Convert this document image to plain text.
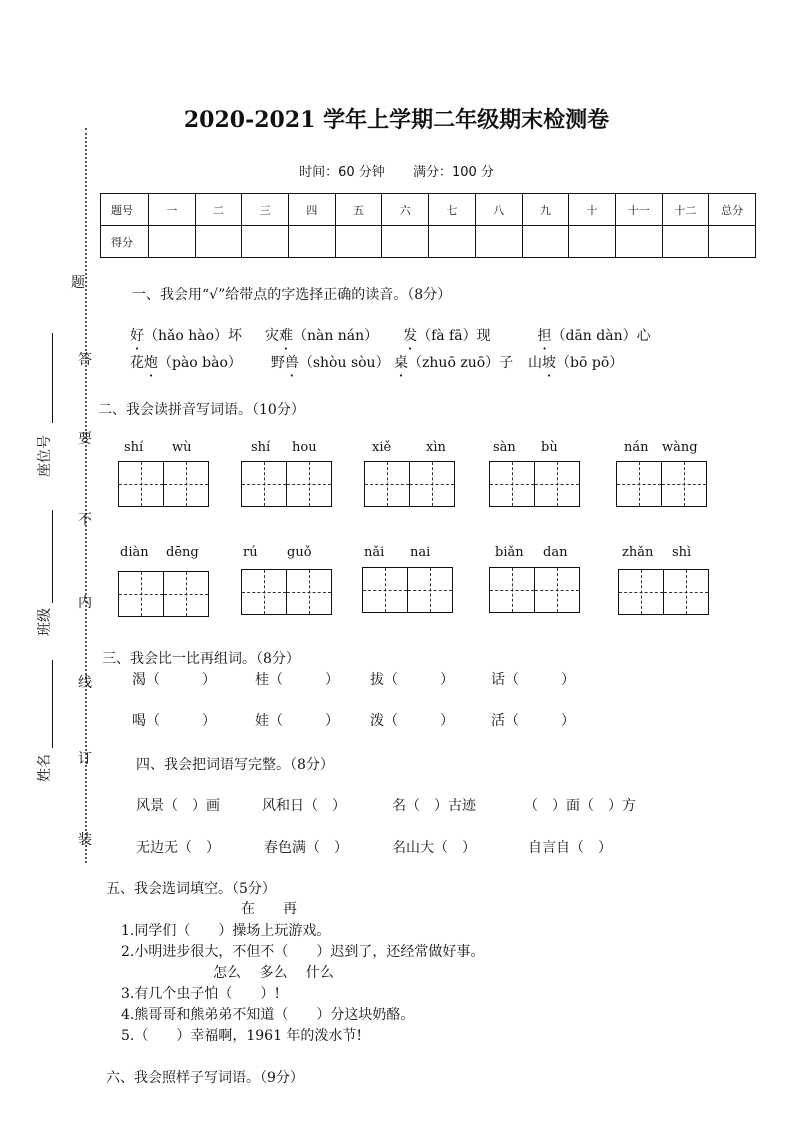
题
答
要
不
内
线
订
装
座位号
班级
姓名
2020-2021 学年上学期二年级期末检测卷
时间：60 分钟 满分：100 分
题号	一	二	三	四	五	六	七	八	九	十	十一	十二	总分
得分													
一、我会用“√”给带点的字选择正确的读音。（8分）
好（hǎo hào）坏 灾难（nàn nán） 发（fà fā）现	担（dān dàn）心
花炮（pào bào） 野兽（shòu sòu） 桌（zhuō zuō）子 山坡（bō pō）
二、我会读拼音写词语。（10分）
shí wù	shí hou	xiě	xìn	sàn bù	nán wàng
diàn dēng	rú guǒ	nǎi nai	biǎn dan	zhǎn shì
三、我会比一比再组词。（8分）
渴（　　　）	桂（　　　） 拔（　　　）	话（　　　）
喝（　　　）	娃（　　　） 泼（　　　）	活（　　　）
四、我会把词语写完整。（8分）
风景（　）画	风和日（　）	名（　）古迹	（　）面（　）方
无边无（　）	春色满（　）	名山大（　）	自言自（　）
五、我会选词填空。（5分）
在　　再
1.同学们（　　）操场上玩游戏。
2.小明进步很大，不但不（　　）迟到了，还经常做好事。
怎么　 多么　 什么
3.有几个虫子怕（　　）!
4.熊哥哥和熊弟弟不知道（　　）分这块奶酪。
5.（　　）幸福啊，1961 年的泼水节!
六、我会照样子写词语。（9分）
